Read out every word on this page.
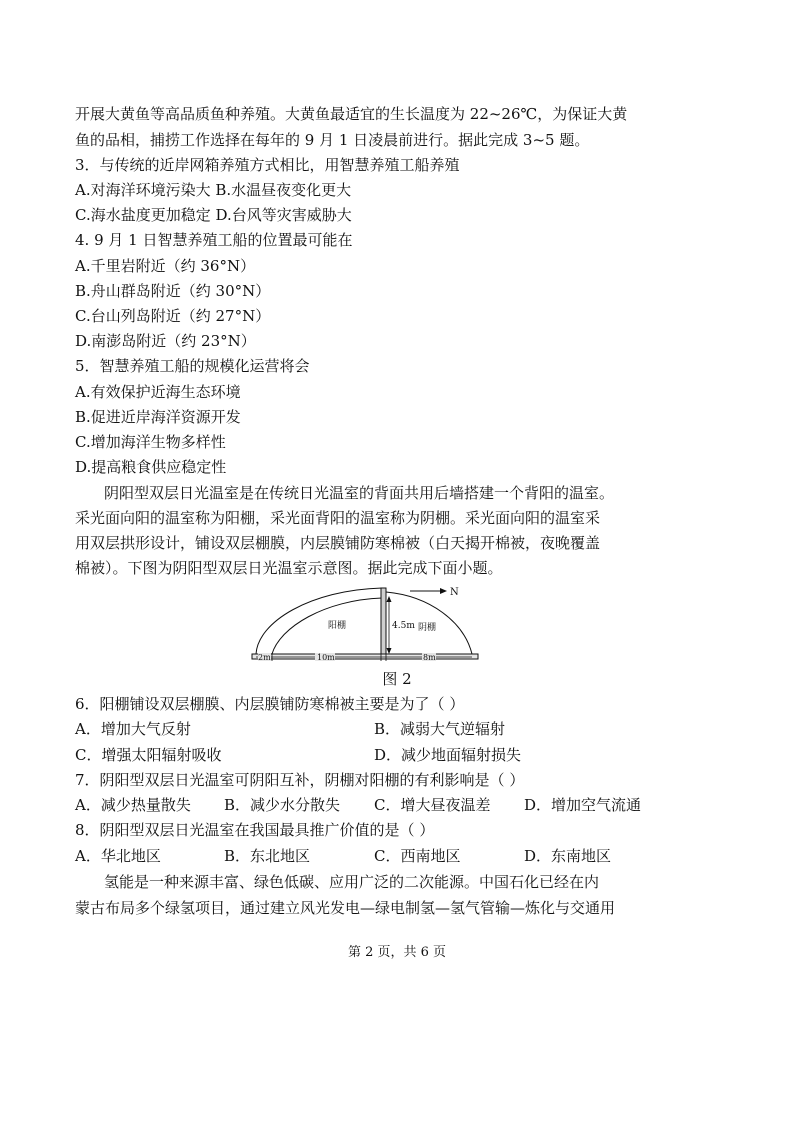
开展大黄鱼等高品质鱼种养殖。大黄鱼最适宜的生长温度为 22~26℃，为保证大黄
鱼的品相，捕捞工作选择在每年的 9 月 1 日凌晨前进行。据此完成 3~5 题。
3．与传统的近岸网箱养殖方式相比，用智慧养殖工船养殖
A.对海洋环境污染大 B.水温昼夜变化更大
C.海水盐度更加稳定 D.台风等灾害威胁大
4. 9 月 1 日智慧养殖工船的位置最可能在
A.千里岩附近（约 36°N）
B.舟山群岛附近（约 30°N）
C.台山列岛附近（约 27°N）
D.南澎岛附近（约 23°N）
5．智慧养殖工船的规模化运营将会
A.有效保护近海生态环境
B.促进近岸海洋资源开发
C.增加海洋生物多样性
D.提高粮食供应稳定性
阴阳型双层日光温室是在传统日光温室的背面共用后墙搭建一个背阳的温室。
采光面向阳的温室称为阳棚，采光面背阳的温室称为阴棚。采光面向阳的温室采
用双层拱形设计，铺设双层棚膜，内层膜铺防寒棉被（白天揭开棉被，夜晚覆盖
棉被）。下图为阴阳型双层日光温室示意图。据此完成下面小题。
N
4.5m
阳棚	阴棚
2m	10m	8m
图 2
6．阳棚铺设双层棚膜、内层膜铺防寒棉被主要是为了（ ）
A．增加大气反射	B．减弱大气逆辐射
C．增强太阳辐射吸收	D．减少地面辐射损失
7．阴阳型双层日光温室可阴阳互补，阴棚对阳棚的有利影响是（ ）
A．减少热量散失 B．减少水分散失 C．增大昼夜温差 D．增加空气流通
8．阴阳型双层日光温室在我国最具推广价值的是（ ）
A．华北地区	B．东北地区	C．西南地区	D．东南地区
氢能是一种来源丰富、绿色低碳、应用广泛的二次能源。中国石化已经在内
蒙古布局多个绿氢项目，通过建立风光发电—绿电制氢—氢气管输—炼化与交通用
第 2 页，共 6 页
